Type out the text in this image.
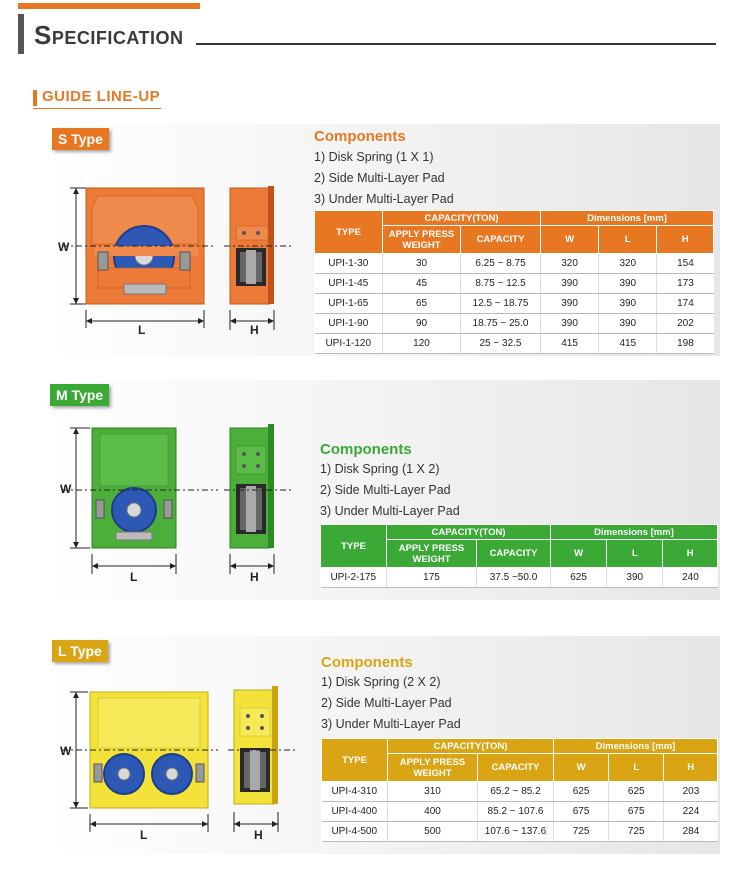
Specification
GUIDE LINE-UP
S Type
W
L	H
Components
1) Disk Spring (1 X 1)
2) Side Multi-Layer Pad
3) Under Multi-Layer Pad
TYPE	CAPACITY(TON)		Dimensions [mm]		
	APPLY PRESS WEIGHT	CAPACITY	W	L	H
UPI-1-30	30	6.25 ~ 8.75	320	320	154
UPI-1-45	45	8.75 ~ 12.5	390	390	173
UPI-1-65	65	12.5 ~ 18.75	390	390	174
UPI-1-90	90	18.75 ~ 25.0	390	390	202
UPI-1-120	120	25 ~ 32.5	415	415	198
M Type
W
L	H
Components
1) Disk Spring (1 X 2)
2) Side Multi-Layer Pad
3) Under Multi-Layer Pad
TYPE	CAPACITY(TON)		Dimensions [mm]		
	APPLY PRESS WEIGHT	CAPACITY	W	L	H
UPI-2-175	175	37.5 ~50.0	625	390	240
L Type
W
L	H
Components
1) Disk Spring (2 X 2)
2) Side Multi-Layer Pad
3) Under Multi-Layer Pad
TYPE	CAPACITY(TON)		Dimensions [mm]		
	APPLY PRESS WEIGHT	CAPACITY	W	L	H
UPI-4-310	310	65.2 ~ 85.2	625	625	203
UPI-4-400	400	85.2 ~ 107.6	675	675	224
UPI-4-500	500	107.6 ~ 137.6	725	725	284
